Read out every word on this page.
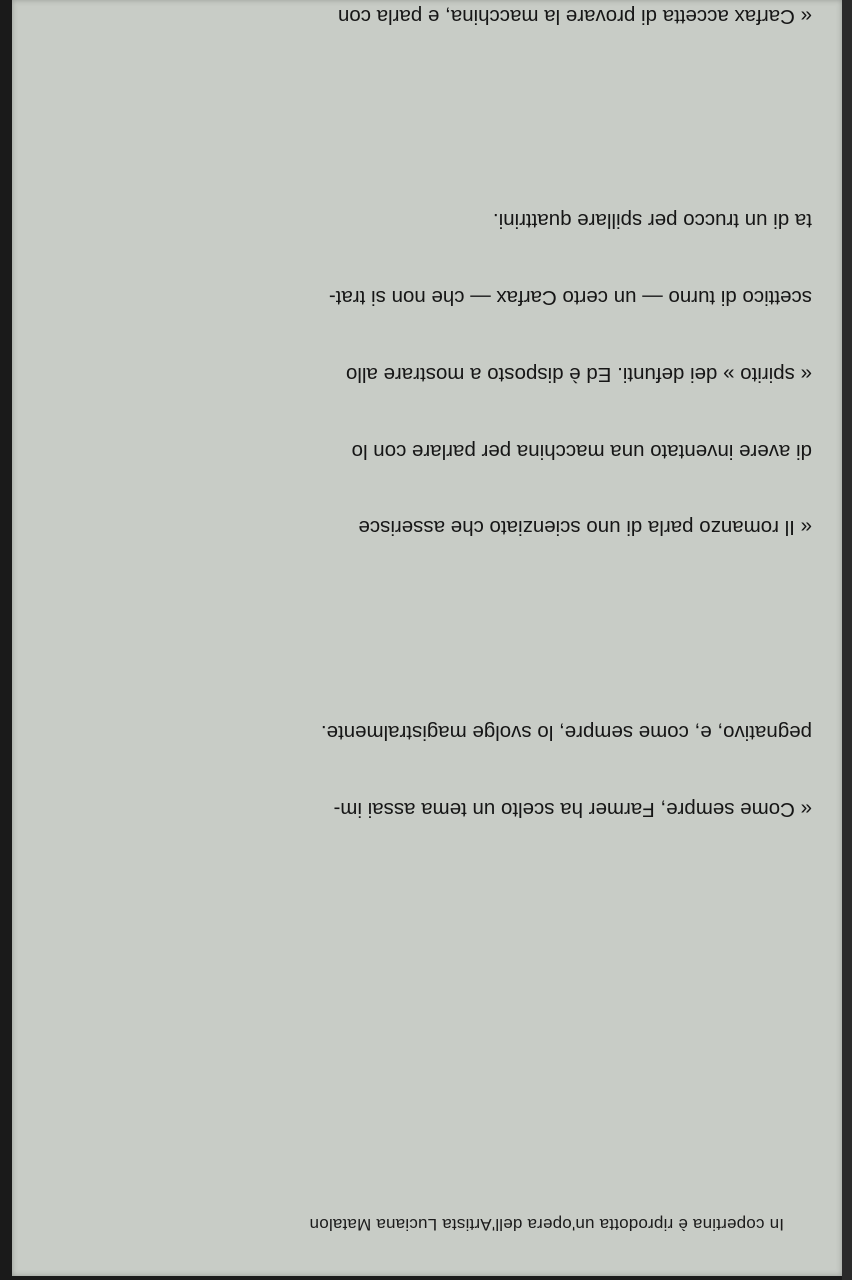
In copertina è riprodotta un'opera dell'Artista Luciana Matalon

« Come sempre, Farmer ha scelto un tema assai im-

pegnativo, e, come sempre, lo svolge magistralmente.

« Il romanzo parla di uno scienziato che asserisce

di avere inventato una macchina per parlare con lo

« spirito » dei defunti. Ed è disposto a mostrare allo

scettico di turno — un certo Carfax — che non si trat-

ta di un trucco per spillare quattrini.

« Carfax accetta di provare la macchina, e parla con
